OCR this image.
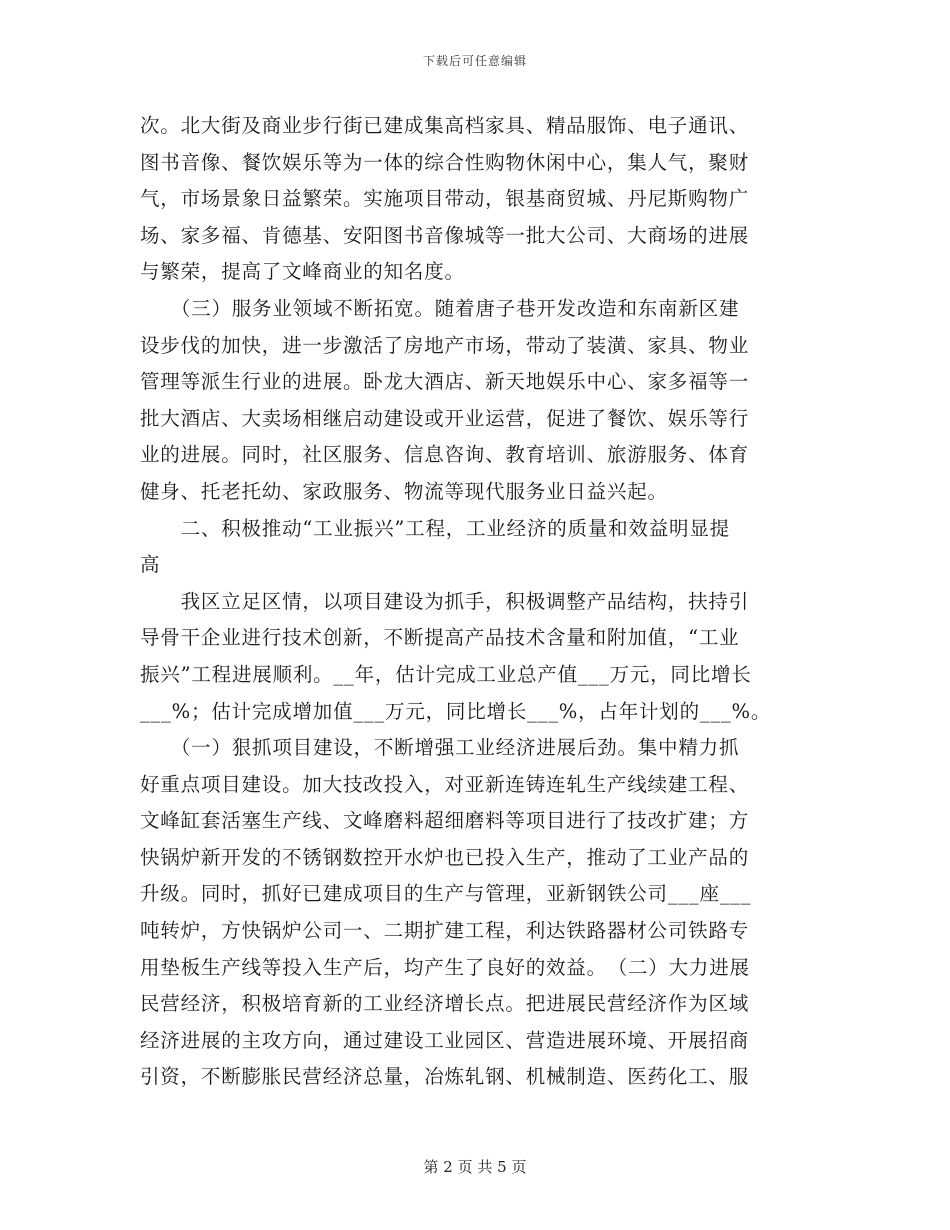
下载后可任意编辑
次。北大街及商业步行街已建成集高档家具、精品服饰、电子通讯、
图书音像、餐饮娱乐等为一体的综合性购物休闲中心，集人气，聚财
气，市场景象日益繁荣。实施项目带动，银基商贸城、丹尼斯购物广
场、家多福、肯德基、安阳图书音像城等一批大公司、大商场的进展
与繁荣，提高了文峰商业的知名度。
　　（三）服务业领域不断拓宽。随着唐子巷开发改造和东南新区建
设步伐的加快，进一步激活了房地产市场，带动了装潢、家具、物业
管理等派生行业的进展。卧龙大酒店、新天地娱乐中心、家多福等一
批大酒店、大卖场相继启动建设或开业运营，促进了餐饮、娱乐等行
业的进展。同时，社区服务、信息咨询、教育培训、旅游服务、体育
健身、托老托幼、家政服务、物流等现代服务业日益兴起。
　　二、积极推动“工业振兴”工程，工业经济的质量和效益明显提
高
　　我区立足区情，以项目建设为抓手，积极调整产品结构，扶持引
导骨干企业进行技术创新，不断提高产品技术含量和附加值，“工业
振兴”工程进展顺利。__年，估计完成工业总产值___万元，同比增长
___%；估计完成增加值___万元，同比增长___%，占年计划的___%。
　　（一）狠抓项目建设，不断增强工业经济进展后劲。集中精力抓
好重点项目建设。加大技改投入，对亚新连铸连轧生产线续建工程、
文峰缸套活塞生产线、文峰磨料超细磨料等项目进行了技改扩建；方
快锅炉新开发的不锈钢数控开水炉也已投入生产，推动了工业产品的
升级。同时，抓好已建成项目的生产与管理，亚新钢铁公司___座___
吨转炉，方快锅炉公司一、二期扩建工程，利达铁路器材公司铁路专
用垫板生产线等投入生产后，均产生了良好的效益。　（二）大力进展
民营经济，积极培育新的工业经济增长点。把进展民营经济作为区域
经济进展的主攻方向，通过建设工业园区、营造进展环境、开展招商
引资，不断膨胀民营经济总量，冶炼轧钢、机械制造、医药化工、服
第 2 页 共 5 页
